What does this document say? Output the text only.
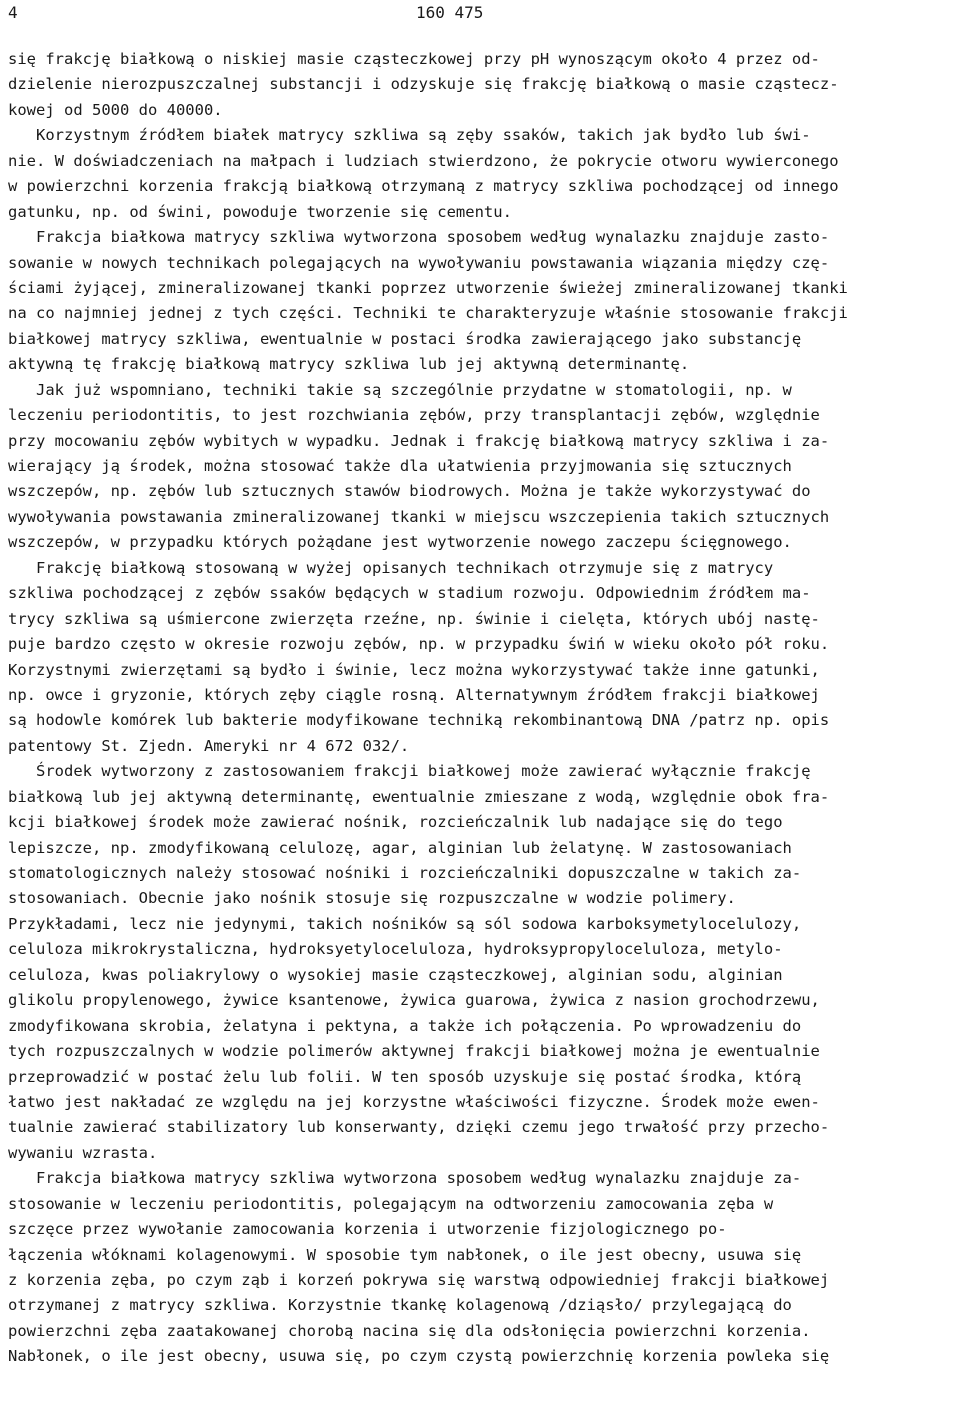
4	160 475
się frakcję białkową o niskiej masie cząsteczkowej przy pH wynoszącym około 4 przez od-
dzielenie nierozpuszczalnej substancji i odzyskuje się frakcję białkową o masie cząstecz-
kowej od 5000 do 40000.
Korzystnym źródłem białek matrycy szkliwa są zęby ssaków, takich jak bydło lub świ-
nie. W doświadczeniach na małpach i ludziach stwierdzono, że pokrycie otworu wywierconego
w powierzchni korzenia frakcją białkową otrzymaną z matrycy szkliwa pochodzącej od innego
gatunku, np. od świni, powoduje tworzenie się cementu.
Frakcja białkowa matrycy szkliwa wytworzona sposobem według wynalazku znajduje zasto-
sowanie w nowych technikach polegających na wywoływaniu powstawania wiązania między czę-
ściami żyjącej, zmineralizowanej tkanki poprzez utworzenie świeżej zmineralizowanej tkanki
na co najmniej jednej z tych części. Techniki te charakteryzuje właśnie stosowanie frakcji
białkowej matrycy szkliwa, ewentualnie w postaci środka zawierającego jako substancję
aktywną tę frakcję białkową matrycy szkliwa lub jej aktywną determinantę.
Jak już wspomniano, techniki takie są szczególnie przydatne w stomatologii, np. w
leczeniu periodontitis, to jest rozchwiania zębów, przy transplantacji zębów, względnie
przy mocowaniu zębów wybitych w wypadku. Jednak i frakcję białkową matrycy szkliwa i za-
wierający ją środek, można stosować także dla ułatwienia przyjmowania się sztucznych
wszczepów, np. zębów lub sztucznych stawów biodrowych. Można je także wykorzystywać do
wywoływania powstawania zmineralizowanej tkanki w miejscu wszczepienia takich sztucznych
wszczepów, w przypadku których pożądane jest wytworzenie nowego zaczepu ścięgnowego.
Frakcję białkową stosowaną w wyżej opisanych technikach otrzymuje się z matrycy
szkliwa pochodzącej z zębów ssaków będących w stadium rozwoju. Odpowiednim źródłem ma-
trycy szkliwa są uśmiercone zwierzęta rzeźne, np. świnie i cielęta, których ubój nastę-
puje bardzo często w okresie rozwoju zębów, np. w przypadku świń w wieku około pół roku.
Korzystnymi zwierzętami są bydło i świnie, lecz można wykorzystywać także inne gatunki,
np. owce i gryzonie, których zęby ciągle rosną. Alternatywnym źródłem frakcji białkowej
są hodowle komórek lub bakterie modyfikowane techniką rekombinantową DNA /patrz np. opis
patentowy St. Zjedn. Ameryki nr 4 672 032/.
Środek wytworzony z zastosowaniem frakcji białkowej może zawierać wyłącznie frakcję
białkową lub jej aktywną determinantę, ewentualnie zmieszane z wodą, względnie obok fra-
kcji białkowej środek może zawierać nośnik, rozcieńczalnik lub nadające się do tego
lepiszcze, np. zmodyfikowaną celulozę, agar, alginian lub żelatynę. W zastosowaniach
stomatologicznych należy stosować nośniki i rozcieńczalniki dopuszczalne w takich za-
stosowaniach. Obecnie jako nośnik stosuje się rozpuszczalne w wodzie polimery.
Przykładami, lecz nie jedynymi, takich nośników są sól sodowa karboksymetylocelulozy,
celuloza mikrokrystaliczna, hydroksyetyloceluloza, hydroksypropyloceluloza, metylo-
celuloza, kwas poliakrylowy o wysokiej masie cząsteczkowej, alginian sodu, alginian
glikolu propylenowego, żywice ksantenowe, żywica guarowa, żywica z nasion grochodrzewu,
zmodyfikowana skrobia, żelatyna i pektyna, a także ich połączenia. Po wprowadzeniu do
tych rozpuszczalnych w wodzie polimerów aktywnej frakcji białkowej można je ewentualnie
przeprowadzić w postać żelu lub folii. W ten sposób uzyskuje się postać środka, którą
łatwo jest nakładać ze względu na jej korzystne właściwości fizyczne. Środek może ewen-
tualnie zawierać stabilizatory lub konserwanty, dzięki czemu jego trwałość przy przecho-
wywaniu wzrasta.
Frakcja białkowa matrycy szkliwa wytworzona sposobem według wynalazku znajduje za-
stosowanie w leczeniu periodontitis, polegającym na odtworzeniu zamocowania zęba w
szczęce przez wywołanie zamocowania korzenia i utworzenie fizjologicznego po-
łączenia włóknami kolagenowymi. W sposobie tym nabłonek, o ile jest obecny, usuwa się
z korzenia zęba, po czym ząb i korzeń pokrywa się warstwą odpowiedniej frakcji białkowej
otrzymanej z matrycy szkliwa. Korzystnie tkankę kolagenową /dziąsło/ przylegającą do
powierzchni zęba zaatakowanej chorobą nacina się dla odsłonięcia powierzchni korzenia.
Nabłonek, o ile jest obecny, usuwa się, po czym czystą powierzchnię korzenia powleka się
